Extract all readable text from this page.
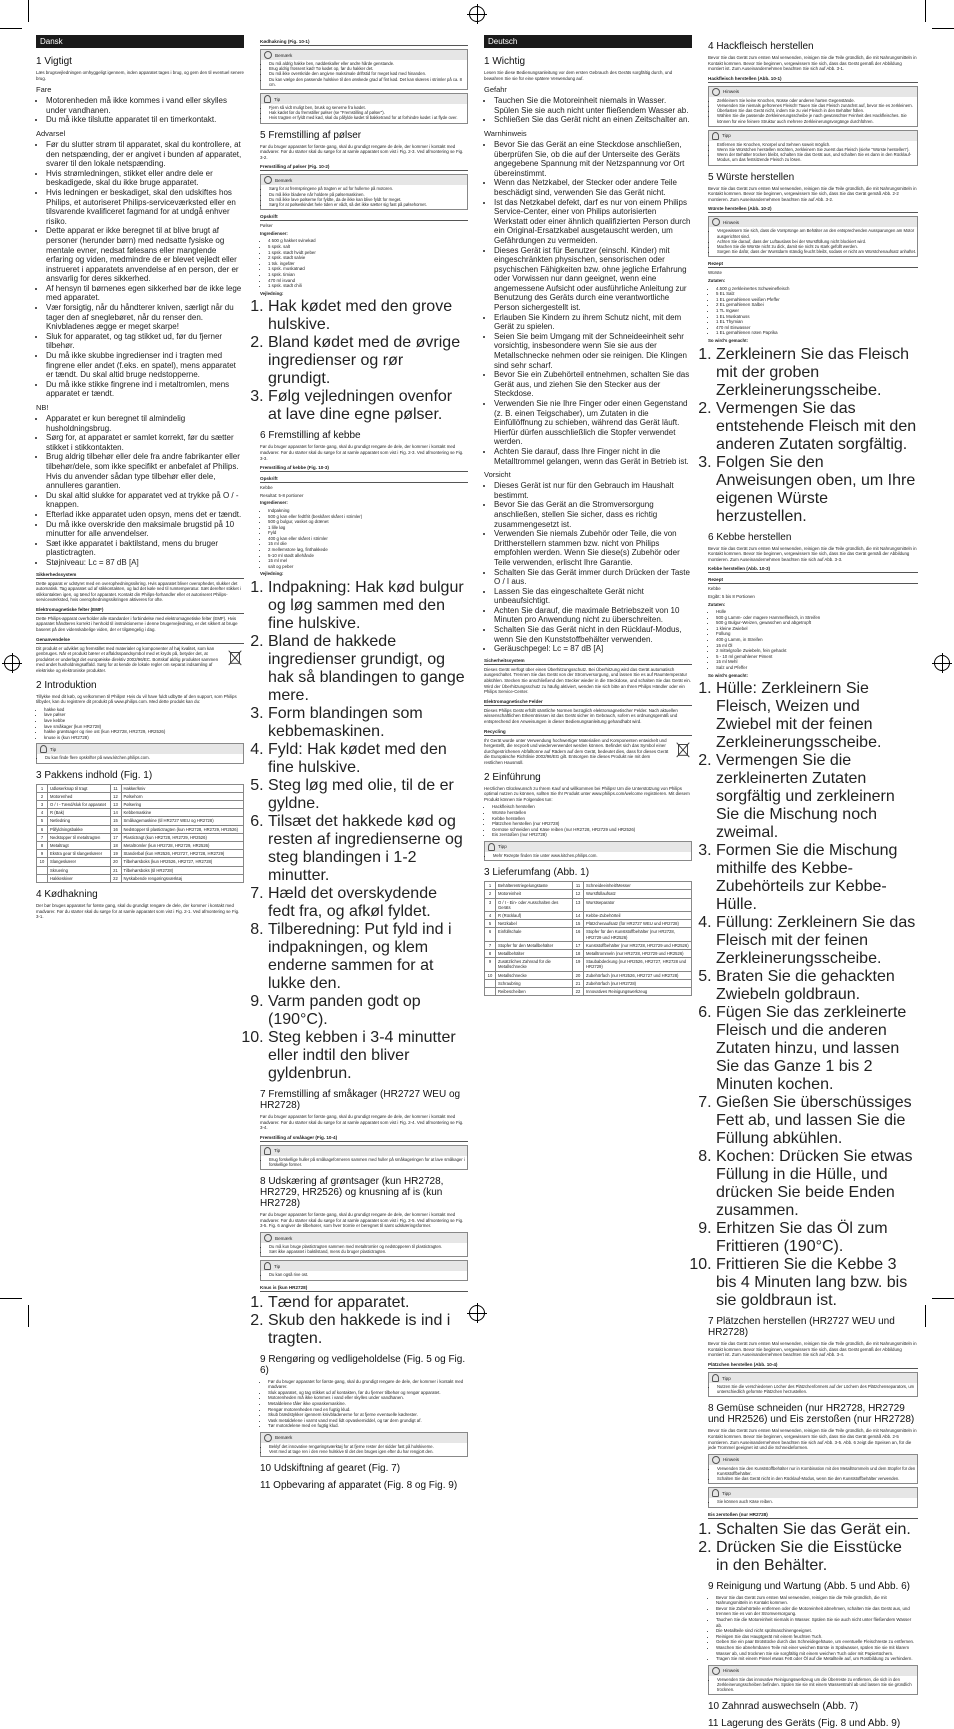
Dansk
1 Vigtigt

Læs brugsvejledningen omhyggeligt igennem, inden apparatet tages i brug, og gem den til eventuel senere brug.

Fare
• Motorenheden må ikke kommes i vand eller skylles under vandhanen.
• Du må ikke tilslutte apparatet til en timerkontakt.
Advarsel
• Før du slutter strøm til apparatet, skal du kontrollere, at den netspænding, der er angivet i bunden af apparatet, svarer til den lokale netspænding.
• Hvis strømledningen, stikket eller andre dele er beskadigede, skal du ikke bruge apparatet.
• Hvis ledningen er beskadiget, skal den udskiftes hos Philips, et autoriseret Philips-serviceværksted eller en tilsvarende kvalificeret fagmand for at undgå enhver risiko.
• Dette apparat er ikke beregnet til at blive brugt af personer (herunder børn) med nedsatte fysiske og mentale evner, nedsat følesans eller manglende erfaring og viden, medmindre de er blevet vejledt eller instrueret i apparatets anvendelse af en person, der er ansvarlig for deres sikkerhed.
• Af hensyn til børnenes egen sikkerhed bør de ikke lege med apparatet.
• Vær forsigtig, når du håndterer kniven, særligt når du tager den af sneglebøret, når du renser den. Knivbladenes ægge er meget skarpe!
• Sluk for apparatet, og tag stikket ud, før du fjerner tilbehør.
• Du må ikke skubbe ingredienser ind i tragten med fingrene eller andet (f.eks. en spatel), mens apparatet er tændt. Du skal altid bruge nedstopperne.
• Du må ikke stikke fingrene ind i metaltromlen, mens apparatet er tændt.
NB!
• Apparatet er kun beregnet til almindelig husholdningsbrug.
• Sørg for, at apparatet er samlet korrekt, før du sætter stikket i stikkontakten.
• Brug aldrig tilbehør eller dele fra andre fabrikanter eller tilbehør/dele, som ikke specifikt er anbefalet af Philips. Hvis du anvender sådan type tilbehør eller dele, annulleres garantien.
• Du skal altid slukke for apparatet ved at trykke på O / -knappen.
• Efterlad ikke apparatet uden opsyn, mens det er tændt.
• Du må ikke overskride den maksimale brugstid på 10 minutter for alle anvendelser.
• Sæt ikke apparatet i baktilstand, mens du bruger plastictragten.
• Støjniveau: Lc = 87 dB [A]
Sikkerhedssystem

Dette apparat er udstyret med en overophedningssikring. Hvis apparatet bliver overophedet, slukker det automatisk. Tag apparatet ud af stikkontakten, og lad det køle ned til rumtemperatur. Sæt derefter stikket i stikkontakten igen, og tænd for apparatet. Kontakt din Philips-forhandler eller et autoriseret Philips-serviceværksted, hvis overophedningssikringen aktiveres for ofte.

Elektromagnetiske felter (EMF)

Dette Philips-apparat overholder alle standarder i forbindelse med elektromagnetiske felter (EMF). Hvis apparatet håndteres korrekt i henhold til instruktionerne i denne brugervejledning, er det sikkert at bruge baseret på den videnskabelige viden, der er tilgængelig i dag.

Genanvendelse

Dit produkt er udviklet og fremstillet med materialer og komponenter af høj kvalitet, som kan genbruges. Når et produkt bærer et affaldsspandsymbol med et kryds på, betyder det, at produktet er underlagt det europæiske direktiv 2002/96/EC. Bortskaf aldrig produktet sammen med andet husholdningsaffald. Sørg for at kende de lokale regler om separat indsamling af elektriske og elektroniske produkter.

2 Introduktion

Tillykke med dit køb, og velkommen til Philips! Hvis du vil have fuldt udbytte af den support, som Philips tilbyder, kan du registrere dit produkt på www.philips.com. Med dette produkt kan du:

• hakke kød
• lave pølser
• lave kebbe
• lave småkager (kun HR2728)
• hakke grøntsager og rive ost (kun HR2728, HR2729, HR2526)
• knuse is (kun HR2728)
Tip
• Du kan finde flere opskrifter på www.kitchen.philips.com.
3 Pakkens indhold (Fig. 1)
1	Udløserknap til tragt	11	Hakker/kniv
2	Motorenhed	12	Pølsehorn
3	O / I - Tænd/sluk for apparatet	13	Pølsering
4	R (Bak)	14	Kebbemaskine
5	Netledning	15	Småkagemaskine (til HR2727 WEU og HR2728)
6	Påfyldningsbakke	16	Nedstopper til plastictragten (kun HR2728, HR2729, HR2526)
7	Nedstopper til metaltragten	17	Plastictragt (kun HR2728, HR2729, HR2526)
8	Metaltragt	18	Metaltromler (kun HR2728, HR2729, HR2526)
9	Ekstra gear til slangeskærer	19	Standerbøl (kun HR2526, HR2727, HR2728, HR2729)
10	Slangeskærer	20	Tilbehørsboks (kun HR2526, HR2727, HR2728)
	Skruering	21	Tilbehørsboks (til HR2728)
	Hakkeskiver	22	Nyskabende rengøringsværktøj
4 Kødhakning

Der bør bruges apparatet for første gang, skal du grundigt rengøre de dele, der kommer i kontakt med madvarer. Før du starter skal du sørge for at samle apparatet som vist i Fig. 2-1. Ved afmontering se Fig. 3-1.

Kødhakning (Fig. 10-1)
Bemærk
• Du må aldrig hakke ben, nøddeskaller eller andre hårde genstande.
• Brug aldrig frossent kød! Tø kødet op, før du hakker det.
• Du må ikke overskride den angivne maksimale driftstid for meget kød med hinanden.
• Du kan vælge den passende hulskive til den ønskede grad af fint kød. Det kan skæres i strimler på ca. 8 cm.
Tip
• Fjern så vidt muligt ben, brusk og senerne fra kødet.
• Hak kødet før du fremstiller pølser (se "Fremstilling af pølser").
• Hvis tragten er fyldt med kød, skal du påfylde kødet til bakketrand for at forhindre kødet i at flyde over.
5 Fremstilling af pølser

Før du bruger apparatet for første gang, skal du grundigt rengøre de dele, der kommer i kontakt med madvarer. Før du starter skal du sørge for at samle apparatet som vist i Fig. 2-3. Ved afmontering se Fig. 3-2.

Fremstilling af pølser (Fig. 10-2)
Bemærk
• Sørg for at fremspringene på tragten er ud for hullerne på motoren.
• Du må ikke bladene når holdere på pølsemaskinen.
• Du må ikke lave pølserne for fyldte, da de ikke kan blive fyldt for meget.
• Sørg for at pølseskindet hele tiden er vådt, så det ikke sætter sig fast på pølsehornet.
Opskrift

Pølser

Ingredienser:

• 4 500 g hakket svinekød
• 5 spsk. salt
• 1 spsk. stødt hvidt peber
• 2 spsk. stødt salvie
• 1 tsk. ingefær
• 1 spsk. muskatnød
• 1 spsk. timian
• 470 ml isvand
• 1 spsk. stødt chili

Vejledning:

1. Hak kødet med den grove hulskive.
2. Bland kødet med de øvrige ingredienser og rør grundigt.
3. Følg vejledningen ovenfor at lave dine egne pølser.
6 Fremstilling af kebbe

Før du bruger apparatet for første gang, skal du grundigt rengøre de dele, der kommer i kontakt med madvarer. Før du starter skal du sørge for at samle apparatet som vist i Fig. 2-3. Ved afmontering se Fig. 3-3.

Fremstilling af kebbe (Fig. 10-3)
Opskrift

Kebbe

Resultat: 5-8 portioner

Ingredienser:

• Indpakning
• 500 g kan eller fedtfrit (beskåret skåret i strimler)
• 500 g bulgur, vasket og drænet
• 1 lille løg
• Fyld
• 400 g kan eller skåret i strimler
• 15 ml olie
• 2 mellemstore løg, finthakkede
• 5-10 ml stødt allehånde
• 15 ml mel
• salt og peber

Vejledning:

1. Indpakning: Hak kød bulgur og løg sammen med den fine hulskive.
2. Bland de hakkede ingredienser grundigt, og hak så blandingen to gange mere.
3. Form blandingen som kebbemaskinen.
4. Fyld: Hak kødet med den fine hulskive.
5. Steg løg med olie, til de er gyldne.
6. Tilsæt det hakkede kød og resten af ingredienserne og steg blandingen i 1-2 minutter.
7. Hæld det overskydende fedt fra, og afkøl fyldet.
8. Tilberedning: Put fyld ind i indpakningen, og klem enderne sammen for at lukke den.
9. Varm panden godt op (190°C).
10. Steg kebben i 3-4 minutter eller indtil den bliver gyldenbrun.
7 Fremstilling af småkager (HR2727 WEU og HR2728)

Før du bruger apparatet for første gang, skal du grundigt rengøre de dele, der kommer i kontakt med madvarer. Før du starter skal du sørge for at samle apparatet som vist i Fig. 2-4. Ved afmontering se Fig. 3-4.

Fremstilling af småkager (Fig. 10-4)
Tip
• Brug forskellige huller på småkageformeren sammen med huller på småkageringen for at lave småkager i forskellige former.
8 Udskæring af grøntsager (kun HR2728, HR2729, HR2526) og knusning af is (kun HR2728)

Før du bruger apparatet for første gang, skal du grundigt rengøre de dele, der kommer i kontakt med madvarer. Før du starter skal du sørge for at samle apparatet som vist i Fig. 2-5. Ved afmontering se Fig. 3-5. Fig. 6 angiver de tilbehører, som hver tromle er beregnet til samt udskæringsformer.

Bemærk
• Du må kun bruge plastictragten sammen med metaltromler og nedstopperen til plastictragten.
• Sæt ikke apparatet i baktilstand, mens du bruger plastictragten.
Tip
• Du kan også rive ost.
Knus is (kun HR2728)
1. Tænd for apparatet.
2. Skub den hakkede is ind i tragten.
9 Rengøring og vedligeholdelse (Fig. 5 og Fig. 6)
• Før du bruger apparatet for første gang, skal du grundigt rengøre de dele, der kommer i kontakt med madvarer.
• Sluk apparatet, og tag stikket ud af kontakten, før du fjerner tilbehør og rengør apparatet.
• Motorenheden må ikke kommes i vand eller skylles under vandhanen.
• Metaldelene tåler ikke opvaskemaskine.
• Rengør motorenheden med en fugtig klud.
• Skub brædstykker igennem knivbladenerne for at fjerne eventuelle kødrester.
• Vask metaldelene i varmt vand med lidt opvaskemiddel, og tør dem grundigt af.
• Tør motordelene med en fugtig klud.
Bemærk
• Beklyf det innovative rengøringsværktøj for at fjerne rester der sidder fast på hulskiverne.
• Vent med at tage ren i den rene hulskive til det den bruges igen efter du har rengjort den.
10 Udskiftning af gearet (Fig. 7)
11 Opbevaring af apparatet (Fig. 8 og Fig. 9)
Deutsch
1 Wichtig

Lesen Sie diese Bedienungsanleitung vor dem ersten Gebrauch des Geräts sorgfältig durch, und bewahren Sie sie für eine spätere Verwendung auf.

Gefahr
• Tauchen Sie die Motoreinheit niemals in Wasser. Spülen Sie sie auch nicht unter fließendem Wasser ab.
• Schließen Sie das Gerät nicht an einen Zeitschalter an.
Warnhinweis
• Bevor Sie das Gerät an eine Steckdose anschließen, überprüfen Sie, ob die auf der Unterseite des Geräts angegebene Spannung mit der Netzspannung vor Ort übereinstimmt.
• Wenn das Netzkabel, der Stecker oder andere Teile beschädigt sind, verwenden Sie das Gerät nicht.
• Ist das Netzkabel defekt, darf es nur von einem Philips Service-Center, einer von Philips autorisierten Werkstatt oder einer ähnlich qualifizierten Person durch ein Original-Ersatzkabel ausgetauscht werden, um Gefährdungen zu vermeiden.
• Dieses Gerät ist für Benutzer (einschl. Kinder) mit eingeschränkten physischen, sensorischen oder psychischen Fähigkeiten bzw. ohne jegliche Erfahrung oder Vorwissen nur dann geeignet, wenn eine angemessene Aufsicht oder ausführliche Anleitung zur Benutzung des Geräts durch eine verantwortliche Person sichergestellt ist.
• Erlauben Sie Kindern zu ihrem Schutz nicht, mit dem Gerät zu spielen.
• Seien Sie beim Umgang mit der Schneideeinheit sehr vorsichtig, insbesondere wenn Sie sie aus der Metallschnecke nehmen oder sie reinigen. Die Klingen sind sehr scharf.
• Bevor Sie ein Zubehörteil entnehmen, schalten Sie das Gerät aus, und ziehen Sie den Stecker aus der Steckdose.
• Verwenden Sie nie Ihre Finger oder einen Gegenstand (z. B. einen Teigschaber), um Zutaten in die Einfüllöffnung zu schieben, während das Gerät läuft. Hierfür dürfen ausschließlich die Stopfer verwendet werden.
• Achten Sie darauf, dass Ihre Finger nicht in die Metalltrommel gelangen, wenn das Gerät in Betrieb ist.
Vorsicht
• Dieses Gerät ist nur für den Gebrauch im Haushalt bestimmt.
• Bevor Sie das Gerät an die Stromversorgung anschließen, stellen Sie sicher, dass es richtig zusammengesetzt ist.
• Verwenden Sie niemals Zubehör oder Teile, die von Drittherstellern stammen bzw. nicht von Philips empfohlen werden. Wenn Sie diese(s) Zubehör oder Teile verwenden, erlischt Ihre Garantie.
• Schalten Sie das Gerät immer durch Drücken der Taste O / I aus.
• Lassen Sie das eingeschaltete Gerät nicht unbeaufsichtigt.
• Achten Sie darauf, die maximale Betriebszeit von 10 Minuten pro Anwendung nicht zu überschreiten.
• Schalten Sie das Gerät nicht in den Rücklauf-Modus, wenn Sie den Kunststoffbehälter verwenden.
• Geräuschpegel: Lc = 87 dB [A]
Sicherheitssystem

Dieses Gerät verfügt über einen Überhitzungsschutz. Bei Überhitzung wird das Gerät automatisch ausgeschaltet. Trennen Sie das Gerät von der Stromversorgung, und lassen Sie es auf Raumtemperatur abkühlen. Stecken Sie anschließend den Stecker wieder in die Steckdose, und schalten Sie das Gerät ein. Wird der Überhitzungsschutz zu häufig aktiviert, wenden Sie sich bitte an Ihren Philips Händler oder ein Philips Service-Center.

Elektromagnetische Felder

Dieses Philips Gerät erfüllt sämtliche Normen bezüglich elektromagnetischer Felder. Nach aktuellen wissenschaftlichen Erkenntnissen ist das Gerät sicher im Gebrauch, sofern es ordnungsgemäß und entsprechend den Anweisungen in dieser Bedienungsanleitung gehandhabt wird.

Recycling

Ihr Gerät wurde unter Verwendung hochwertiger Materialien und Komponenten entwickelt und hergestellt, die recycelt und wiederverwendet werden können. Befindet sich das Symbol einer durchgestrichenen Abfalltonne auf Rädern auf dem Gerät, bedeutet dies, dass für dieses Gerät die Europäische Richtlinie 2002/96/EG gilt. Entsorgen Sie dieses Produkt nie mit dem restlichen Hausmüll.

2 Einführung

Herzlichen Glückwunsch zu Ihrem Kauf und willkommen bei Philips! Um die Unterstützung von Philips optimal nutzen zu können, sollten Sie Ihr Produkt unter www.philips.com/welcome registrieren. Mit diesem Produkt können Sie Folgendes tun:

• Hackfleisch herstellen
• Würste herstellen
• Kebbe herstellen
• Plätzchen herstellen (nur HR2728)
• Gemüse schneiden und Käse reiben (nur HR2728, HR2729 und HR2526)
• Eis zerstoßen (nur HR2728)
Tipp
• Mehr Rezepte finden Sie unter www.kitchen.philips.com.
3 Lieferumfang (Abb. 1)
1	Behälterentriegelungstaste	11	Schneideeinheit/Messer
2	Motoreinheit	12	Wurstfüllaufsatz
3	O / I - Ein- oder Ausschalten des Geräts	13	Wurstseparator
4	R (Rücklauf)	14	Kebbe-Zubehörteil
5	Netzkabel	15	Plätzchenaufsatz (für HR2727 WEU und HR2728)
6	Einfüllschale	16	Stopfer für den Kunststoffbehälter (nur HR2728, HR2729 und HR2526)
7	Stopfer für den Metallbehälter	17	Kunststoffbehälter (nur HR2728, HR2729 und HR2526)
8	Metallbehälter	18	Metalltrommeln (nur HR2728, HR2729 und HR2526)
9	Zusätzliches Zahnrad für die Metallschnecke	19	Staubabdeckung (nur HR2526, HR2727, HR2728 und HR2729)
10	Metallschnecke	20	Zubehörfach (nur HR2526, HR2727 und HR2728)
	Schraubring	21	Zubehörfach (nur HR2728)
	Reibescheiben	22	Innovatives Reinigungswerkzeug
4 Hackfleisch herstellen

Bevor Sie das Gerät zum ersten Mal verwenden, reinigen Sie die Teile gründlich, die mit Nahrungsmitteln in Kontakt kommen. Bevor Sie beginnen, vergewissern Sie sich, dass das Gerät gemäß der Abbildung montiert ist. Zum Auseinandernehmen beachten Sie sich auf Abb. 3-1.

Hackfleisch herstellen (Abb. 10-1)
Hinweis
• Zerkleinern Sie keine Knochen, Nüsse oder anderen harten Gegenstände.
• Verwenden Sie niemals gefrorenes Fleisch! Tauen Sie das Fleisch zunächst auf, bevor Sie es zerkleinern.
• Überlasten Sie das Gerät nicht, indem Sie zu viel Fleisch in den Behälter füllen.
• Wählen Sie die passende Zerkleinerungsscheibe je nach gewünschter Feinheit des Hackfleisches. Sie können für eine feinere Struktur auch mehrere Zerkleinerungsvorgänge durchführen.
Tipp
• Entfernen Sie Knochen, Knorpel und Sehnen soweit möglich.
• Wenn Sie Würstchen herstellen möchten, zerkleinern Sie zuerst das Fleisch (siehe "Würste herstellen").
• Wenn der Behälter trocken bleibt, schalten Sie das Gerät aus, und schalten Sie es dann in den Rücklauf-Modus, um das festsitzende Fleisch zu lösen.
5 Würste herstellen

Bevor Sie das Gerät zum ersten Mal verwenden, reinigen Sie die Teile gründlich, die mit Nahrungsmitteln in Kontakt kommen. Bevor Sie beginnen, vergewissern Sie sich, dass Sie das Gerät gemäß Abb. 2-2 montieren. Zum Auseinandernehmen beachten Sie auf Abb. 3-2.

Würste herstellen (Abb. 10-2)
Hinweis
• Vergewissern Sie sich, dass die Vorsprünge am Behälter an den entsprechenden Aussparungen am Motor ausgerichtet sind.
• Achten Sie darauf, dass der Luftauslass bei der Wurstfüllung nicht blockiert wird.
• Machen Sie die Würste nicht zu dick, damit sie nicht zu stark gefüllt werden.
• Sorgen Sie dafür, dass der Wurstdarm ständig feucht bleibt, sodass er nicht am Würstchenaufsatz anhaftet.
Rezept

Würste

Zutaten:

• 4.500 g zerkleinertes Schweinefleisch
• 5 EL Salz
• 1 EL gemahlenen weißen Pfeffer
• 2 EL gemahlenen Salbei
• 1 TL Ingwer
• 1 EL Muskatnuss
• 1 EL Thymian
• 470 ml Eiswasser
• 1 EL gemahlenen roten Paprika

So wird's gemacht:

1. Zerkleinern Sie das Fleisch mit der groben Zerkleinerungsscheibe.
2. Vermengen Sie das entstehende Fleisch mit den anderen Zutaten sorgfältig.
3. Folgen Sie den Anweisungen oben, um Ihre eigenen Würste herzustellen.
6 Kebbe herstellen

Bevor Sie das Gerät zum ersten Mal verwenden, reinigen Sie die Teile gründlich, die mit Nahrungsmitteln in Kontakt kommen. Bevor Sie beginnen, vergewissern Sie sich, dass Sie das Gerät gemäß der Abbildung montieren. Zum Auseinandernehmen beachten Sie sich auf Abb. 3-3.

Kebbe herstellen (Abb. 10-3)
Rezept

Kebbe

Ergibt: 5 bis 8 Portionen

Zutaten:

• Hülle
• 500 g Lamm- oder magere Hammelfleisch, in Streifen
• 500 g Bulgur-Weizen, gewaschen und abgetropft
• 1 kleine Zwiebel
• Füllung
• 400 g Lamm, in Streifen
• 15 ml Öl
• 2 mittelgroße Zwiebeln, fein gehackt
• 5 - 10 ml gemahlener Piment
• 15 ml Mehl
• Salz und Pfeffer

So wird's gemacht:

1. Hülle: Zerkleinern Sie Fleisch, Weizen und Zwiebel mit der feinen Zerkleinerungsscheibe.
2. Vermengen Sie die zerkleinerten Zutaten sorgfältig und zerkleinern Sie die Mischung noch zweimal.
3. Formen Sie die Mischung mithilfe des Kebbe-Zubehörteils zur Kebbe-Hülle.
4. Füllung: Zerkleinern Sie das Fleisch mit der feinen Zerkleinerungsscheibe.
5. Braten Sie die gehackten Zwiebeln goldbraun.
6. Fügen Sie das zerkleinerte Fleisch und die anderen Zutaten hinzu, und lassen Sie das Ganze 1 bis 2 Minuten kochen.
7. Gießen Sie überschüssiges Fett ab, und lassen Sie die Füllung abkühlen.
8. Kochen: Drücken Sie etwas Füllung in die Hülle, und drücken Sie beide Enden zusammen.
9. Erhitzen Sie das Öl zum Frittieren (190°C).
10. Frittieren Sie die Kebbe 3 bis 4 Minuten lang bzw. bis sie goldbraun ist.
7 Plätzchen herstellen (HR2727 WEU und HR2728)

Bevor Sie das Gerät zum ersten Mal verwenden, reinigen Sie die Teile gründlich, die mit Nahrungsmitteln in Kontakt kommen. Bevor Sie beginnen, vergewissern Sie sich, dass das Gerät gemäß der Abbildung montiert ist. Zum Auseinandernehmen beachten Sie sich auf Abb. 3-4.

Plätzchen herstellen (Abb. 10-4)
Tipp
• Nutzen Sie die verschiedenen Löcher des Plätzchenformers auf der Löchern des Plätzchenseparators, um unterschiedlich geformte Plätzchen herzustellen.
8 Gemüse schneiden (nur HR2728, HR2729 und HR2526) und Eis zerstoßen (nur HR2728)

Bevor Sie das Gerät zum ersten Mal verwenden, reinigen Sie die Teile gründlich, die mit Nahrungsmitteln in Kontakt kommen. Bevor Sie beginnen, vergewissern Sie sich, dass Sie das Gerät gemäß Abb. 2-5 montieren. Zum Auseinandernehmen beachten Sie sich auf Abb. 3-5. Abb. 6 zeigt die Speisen an, für die jede Trommel geeignet ist und die Schneideformen.

Hinweis
• Verwenden Sie den Kunststoffbehälter nur in Kombination mit den Metalltrommeln und dem Stopfer für den Kunststoffbehälter.
• Schalten Sie das Gerät nicht in den Rücklauf-Modus, wenn Sie den Kunststoffbehälter verwenden.
Tipp
• Sie können auch Käse reiben.
Eis zerstoßen (nur HR2728)
1. Schalten Sie das Gerät ein.
2. Drücken Sie die Eisstücke in den Behälter.
9 Reinigung und Wartung (Abb. 5 und Abb. 6)
• Bevor Sie das Gerät zum ersten Mal verwenden, reinigen Sie die Teile gründlich, die mit Nahrungsmitteln in Kontakt kommen.
• Bevor Sie Zubehörteile entfernen oder die Motoreinheit abnehmen, schalten Sie das Gerät aus, und trennen Sie es von der Stromversorgung.
• Tauchen Sie die Motoreinheit niemals in Wasser. Spülen Sie sie auch nicht unter fließendem Wasser ab.
• Die Metallteile sind nicht spülmaschinengeeignet.
• Reinigen Sie das Hauptgerät mit einem feuchten Tuch.
• Geben Sie ein paar Brotstücke durch das Schneidegehäuse, um eventuelle Fleischreste zu entfernen.
• Waschen Sie abnehmbaren Teile mit einer weichen Bürste in Spülwasser, spülen Sie sie mit klarem Wasser ab, und trocknen Sie sie sorgfältig mit einem weichen Tuch oder mit Papiertüchern.
• Tragen Sie mit einem Pinsel etwas Fett oder Öl auf die Metallteile auf, um Rostbildung zu verhindern.
Hinweis
• Verwenden Sie das innovative Reinigungswerkzeug um die Überreste zu entfernen, die sich in den Zerkleinerungsscheiben befinden. Spülen Sie sie mit einem Wasserstrahl ab und lassen Sie sie gründlich trocknen.
10 Zahnrad auswechseln (Abb. 7)
11 Lagerung des Geräts (Fig. 8 und Abb. 9)
